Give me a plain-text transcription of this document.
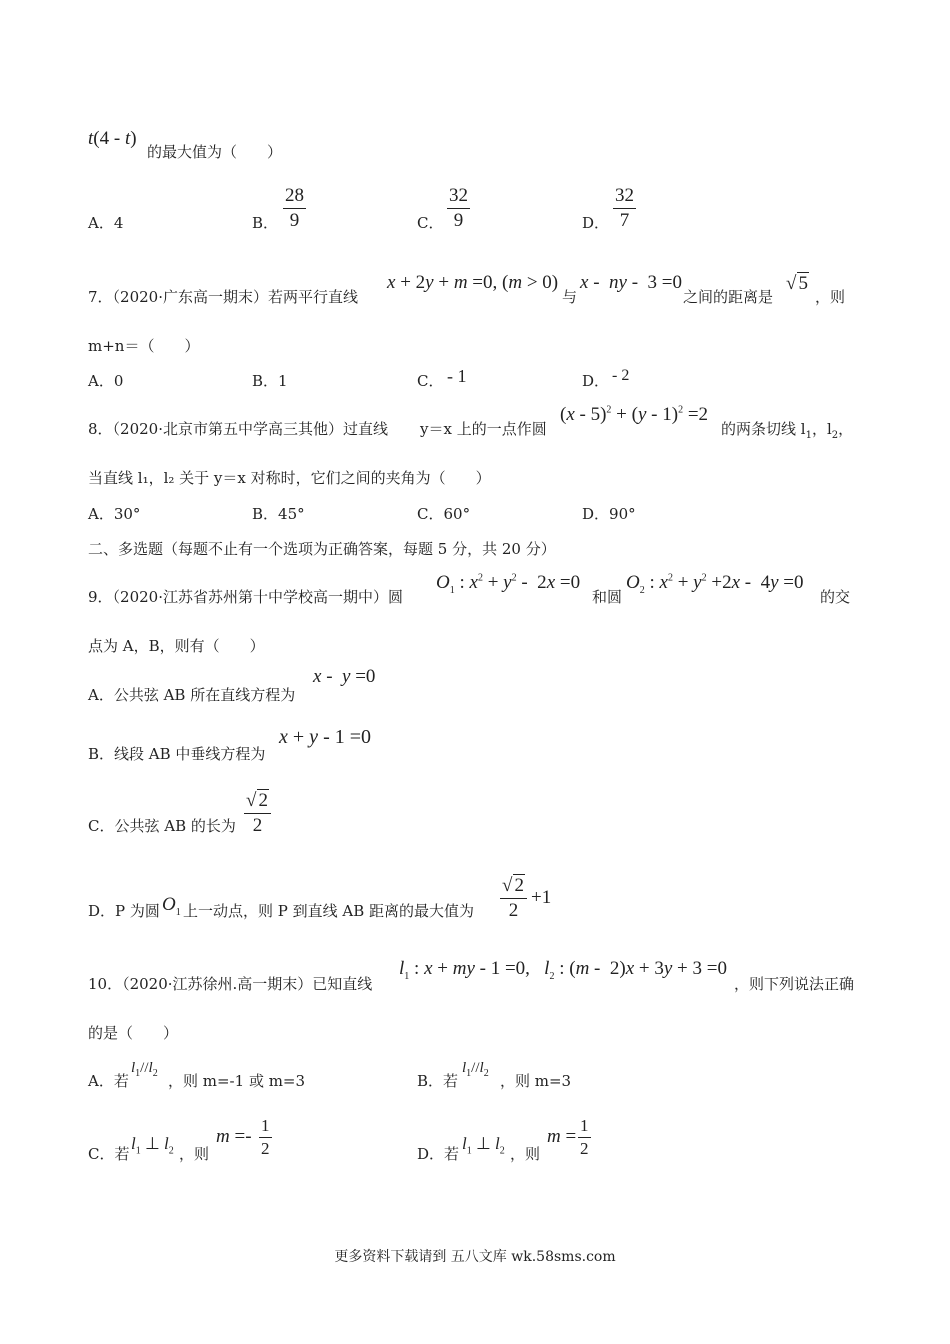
t(4 - t)
的最大值为（　　）
A．4	B．
28
9	C．
32
9	D．
32
7
7．（2020·广东高一期末）若两平行直线
x + 2y + m =0, (m > 0)
与
x -  ny -  3 =0
之间的距离是
√ 5
，则
m+n＝（　　）
A．0	B．1	C． - 1	D． - 2
8．（2020·北京市第五中学高三其他）过直线 y＝x 上的一点作圆
(x - 5)$^2$ + (y - 1)$^2$ =2
的两条切线 $l_1$，$l_2$，
当直线 l₁，l₂ 关于 y＝x 对称时，它们之间的夹角为（　　）
A．30°	B．45°	C．60°	D．90°
二、多选题（每题不止有一个选项为正确答案，每题 5 分，共 20 分）
9．（2020·江苏省苏州第十中学校高一期中）圆
$O_1$ : $x^2 + y^2 - 2x =0$
和圆
$O_2$ : $x^2 + y^2 +2x - 4y =0$
的交
点为 A，B，则有（　　）
A．公共弦 AB 所在直线方程为
x -  y =0
B．线段 AB 中垂线方程为
x + y - 1 =0
C．公共弦 AB 的长为
√ 2
2
D．P 为圆 $O_1$ 上一动点，则 P 到直线 AB 距离的最大值为
√ 2
2
+1
10．（2020·江苏徐州.高一期末）已知直线
$l_1$ : x + my - 1 =0,   $l_2$ : (m -  2)x + 3y + 3 =0
，则下列说法正确
的是（　　）
A．若
$l_1//l_2$ ，则 m=-1 或 m=3	B．若
$l_1//l_2$ ，则 m=3
C．若
$l_1$ ⊥ $l_2$ ，则
m =-
1
2	D．若
$l_1$ ⊥ $l_2$ ，则
m =
1
2
更多资料下载请到 五八文库 wk.58sms.com
